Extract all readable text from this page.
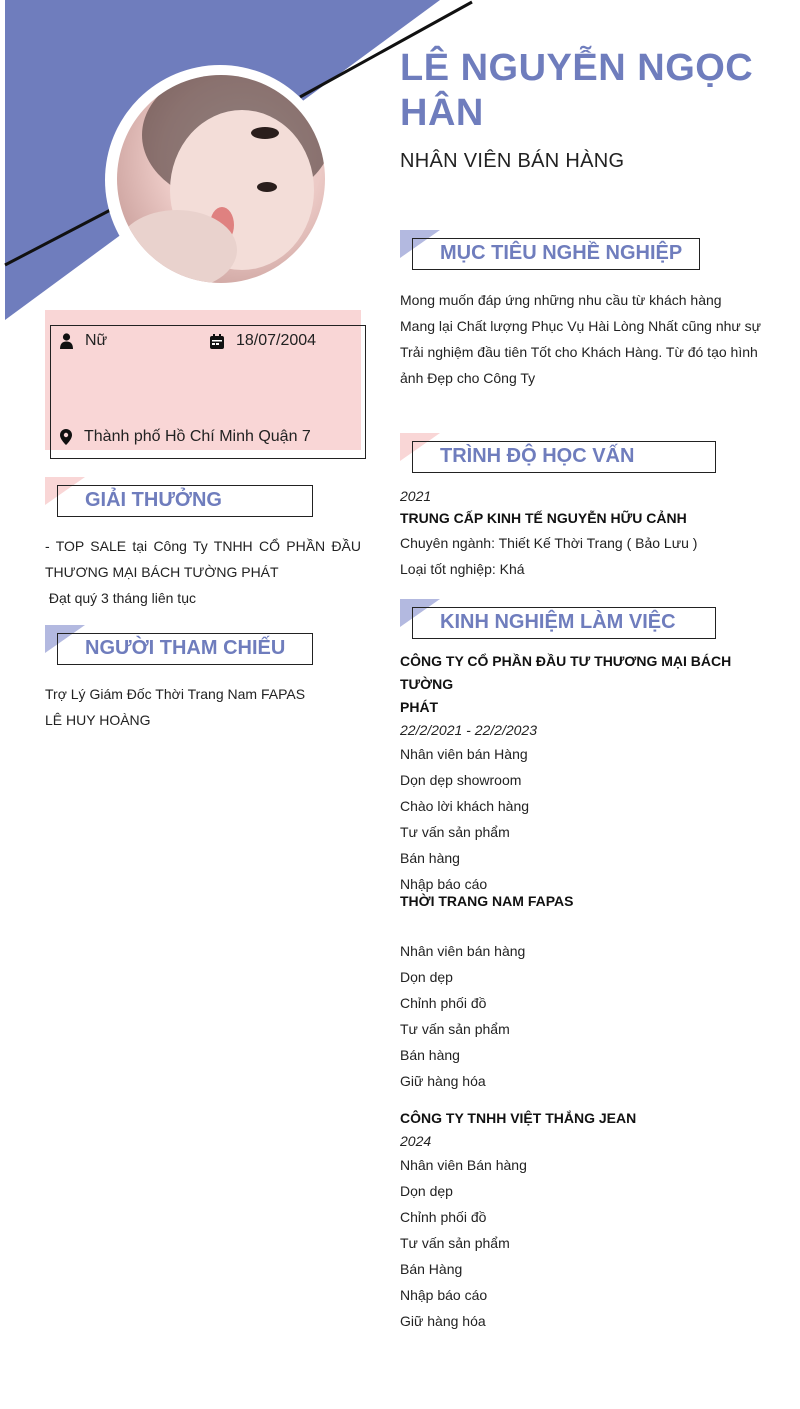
LÊ NGUYỄN NGỌC HÂN
NHÂN VIÊN BÁN HÀNG
Nữ	18/07/2004
Thành phố Hồ Chí Minh Quận 7
GIẢI THƯỞNG
- TOP SALE tại Công Ty TNHH CỔ PHẦN ĐẦU THƯƠNG MẠI BÁCH TƯỜNG PHÁT
Đạt quý 3 tháng liên tục
NGƯỜI THAM CHIẾU
Trợ Lý Giám Đốc Thời Trang Nam FAPAS
LÊ HUY HOÀNG
MỤC TIÊU NGHỀ NGHIỆP
Mong muốn đáp ứng những nhu cầu từ khách hàng
Mang lại Chất lượng Phục Vụ Hài Lòng Nhất cũng như sự
Trải nghiệm đầu tiên Tốt cho Khách Hàng. Từ đó tạo hình
ảnh Đẹp cho Công Ty
TRÌNH ĐỘ HỌC VẤN
2021
TRUNG CẤP KINH TẾ NGUYỄN HỮU CẢNH
Chuyên ngành: Thiết Kế Thời Trang ( Bảo Lưu )
Loại tốt nghiệp: Khá
KINH NGHIỆM LÀM VIỆC
CÔNG TY CỔ PHẦN ĐẦU TƯ THƯƠNG MẠI BÁCH TƯỜNG
PHÁT
22/2/2021 - 22/2/2023
Nhân viên bán Hàng
Dọn dẹp showroom
Chào lời khách hàng
Tư vấn sản phẩm
Bán hàng
Nhập báo cáo
THỜI TRANG NAM FAPAS
Nhân viên bán hàng
Dọn dẹp
Chỉnh phối đồ
Tư vấn sản phẩm
Bán hàng
Giữ hàng hóa
CÔNG TY TNHH VIỆT THẮNG JEAN
2024
Nhân viên Bán hàng
Dọn dẹp
Chỉnh phối đồ
Tư vấn sản phẩm
Bán Hàng
Nhập báo cáo
Giữ hàng hóa
